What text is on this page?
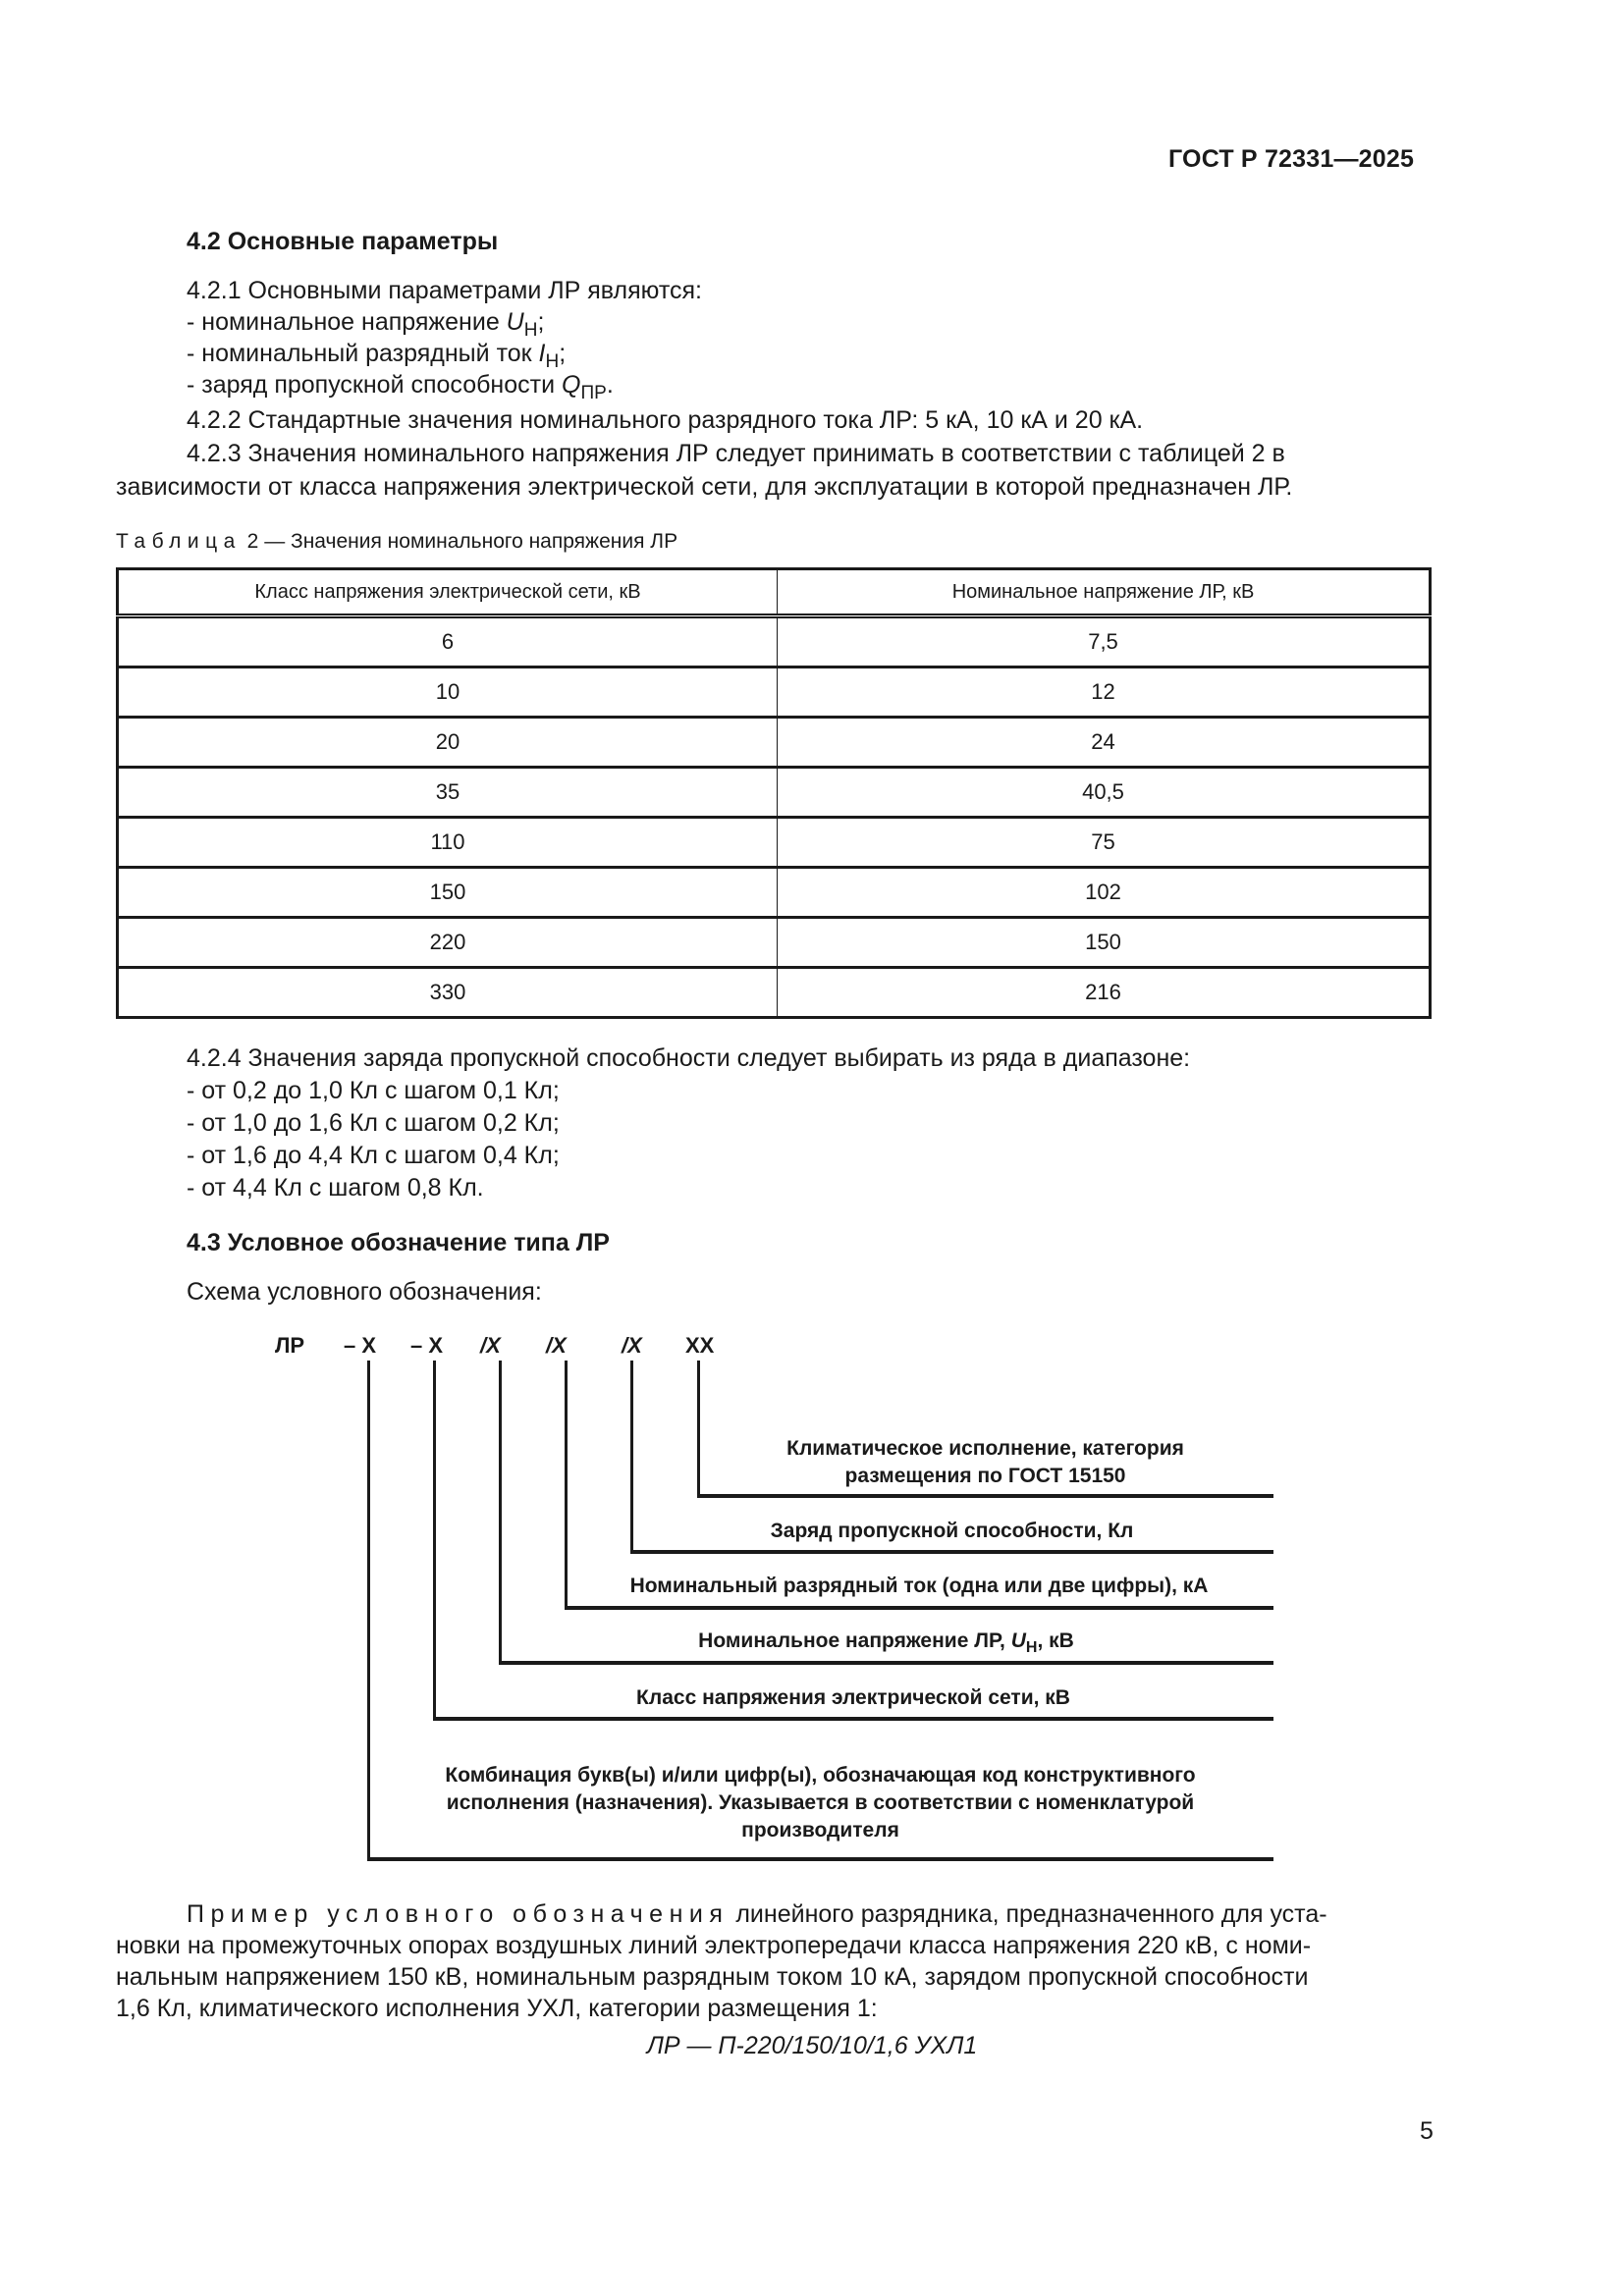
ГОСТ Р 72331—2025
4.2 Основные параметры
4.2.1 Основными параметрами ЛР являются:
- номинальное напряжение $U_Н$;
- номинальный разрядный ток $I_Н$;
- заряд пропускной способности $Q_{ПР}$.
4.2.2 Стандартные значения номинального разрядного тока ЛР: 5 кА, 10 кА и 20 кА.
4.2.3 Значения номинального напряжения ЛР следует принимать в соответствии с таблицей 2 в
зависимости от класса напряжения электрической сети, для эксплуатации в которой предназначен ЛР.
Таблица 2 — Значения номинального напряжения ЛР
Класс напряжения электрической сети, кВ	Номинальное напряжение ЛР, кВ
6	7,5
10	12
20	24
35	40,5
110	75
150	102
220	150
330	216
4.2.4 Значения заряда пропускной способности следует выбирать из ряда в диапазоне:
- от 0,2 до 1,0 Кл с шагом 0,1 Кл;
- от 1,0 до 1,6 Кл с шагом 0,2 Кл;
- от 1,6 до 4,4 Кл с шагом 0,4 Кл;
- от 4,4 Кл с шагом 0,8 Кл.
4.3 Условное обозначение типа ЛР
Схема условного обозначения:
ЛР – X – X /X /X	/X XX
Климатическое исполнение, категория
размещения по ГОСТ 15150
Заряд пропускной способности, Кл
Номинальный разрядный ток (одна или две цифры), кА
Номинальное напряжение ЛР, $U_Н$, кВ
Класс напряжения электрической сети, кВ
Комбинация букв(ы) и/или цифр(ы), обозначающая код конструктивного
исполнения (назначения). Указывается в соответствии с номенклатурой
производителя
Пример условного обозначения линейного разрядника, предназначенного для уста-
новки на промежуточных опорах воздушных линий электропередачи класса напряжения 220 кВ, с номи-
нальным напряжением 150 кВ, номинальным разрядным током 10 кА, зарядом пропускной способности
1,6 Кл, климатического исполнения УХЛ, категории размещения 1:
ЛР — П-220/150/10/1,6 УХЛ1
5
